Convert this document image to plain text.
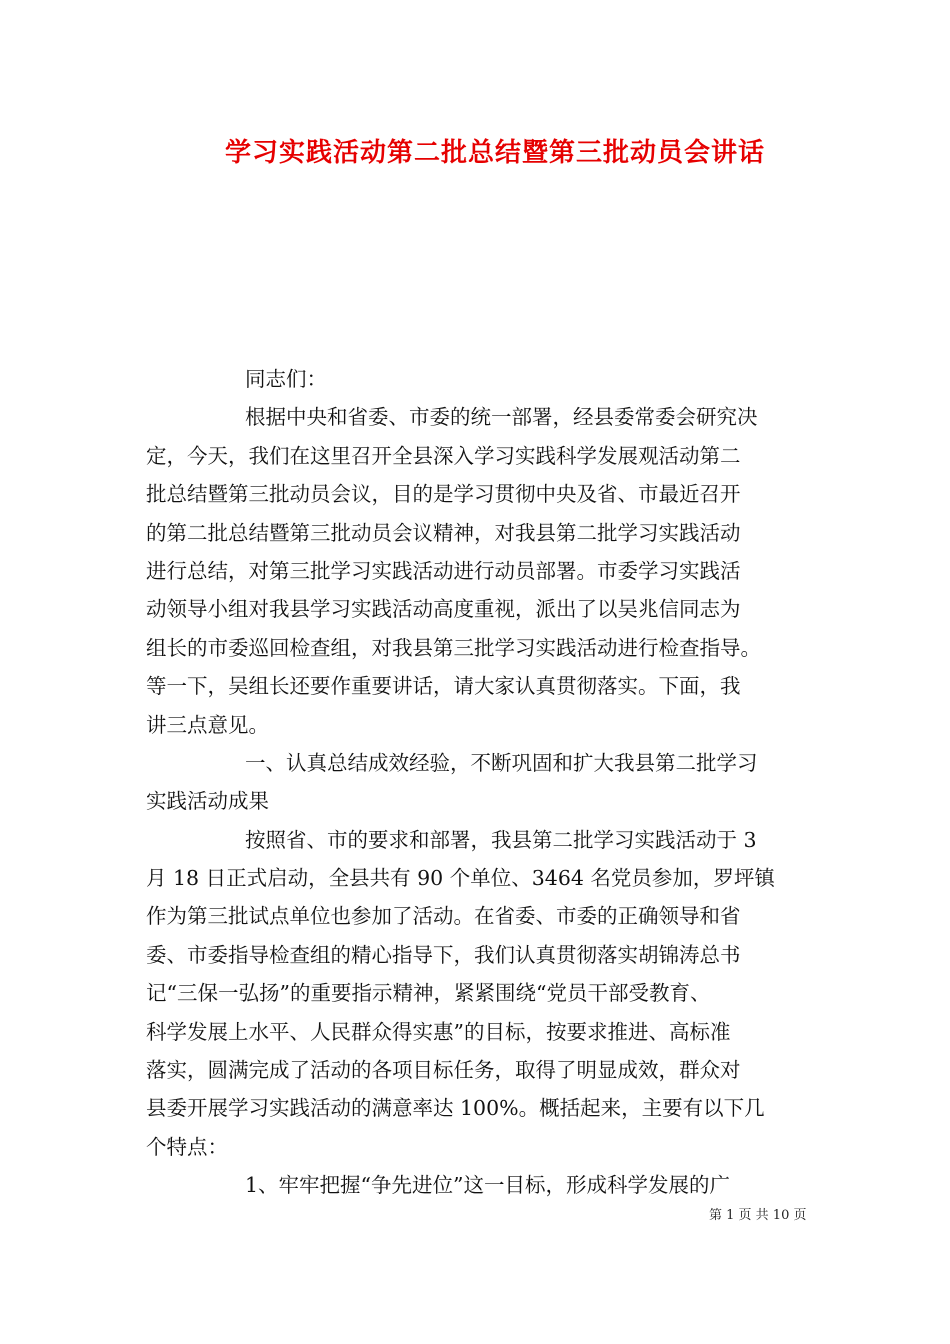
学习实践活动第二批总结暨第三批动员会讲话
同志们：
根据中央和省委、市委的统一部署，经县委常委会研究决
定，今天，我们在这里召开全县深入学习实践科学发展观活动第二
批总结暨第三批动员会议，目的是学习贯彻中央及省、市最近召开
的第二批总结暨第三批动员会议精神，对我县第二批学习实践活动
进行总结，对第三批学习实践活动进行动员部署。市委学习实践活
动领导小组对我县学习实践活动高度重视，派出了以吴兆信同志为
组长的市委巡回检查组，对我县第三批学习实践活动进行检查指导。
等一下，吴组长还要作重要讲话，请大家认真贯彻落实。下面，我
讲三点意见。
一、认真总结成效经验，不断巩固和扩大我县第二批学习
实践活动成果
按照省、市的要求和部署，我县第二批学习实践活动于 3
月 18 日正式启动，全县共有 90 个单位、3464 名党员参加，罗坪镇
作为第三批试点单位也参加了活动。在省委、市委的正确领导和省
委、市委指导检查组的精心指导下，我们认真贯彻落实胡锦涛总书
记“三保一弘扬”的重要指示精神，紧紧围绕“党员干部受教育、
科学发展上水平、人民群众得实惠”的目标，按要求推进、高标准
落实，圆满完成了活动的各项目标任务，取得了明显成效，群众对
县委开展学习实践活动的满意率达 100%。概括起来，主要有以下几
个特点：
1、牢牢把握“争先进位”这一目标，形成科学发展的广
第 1 页 共 10 页
